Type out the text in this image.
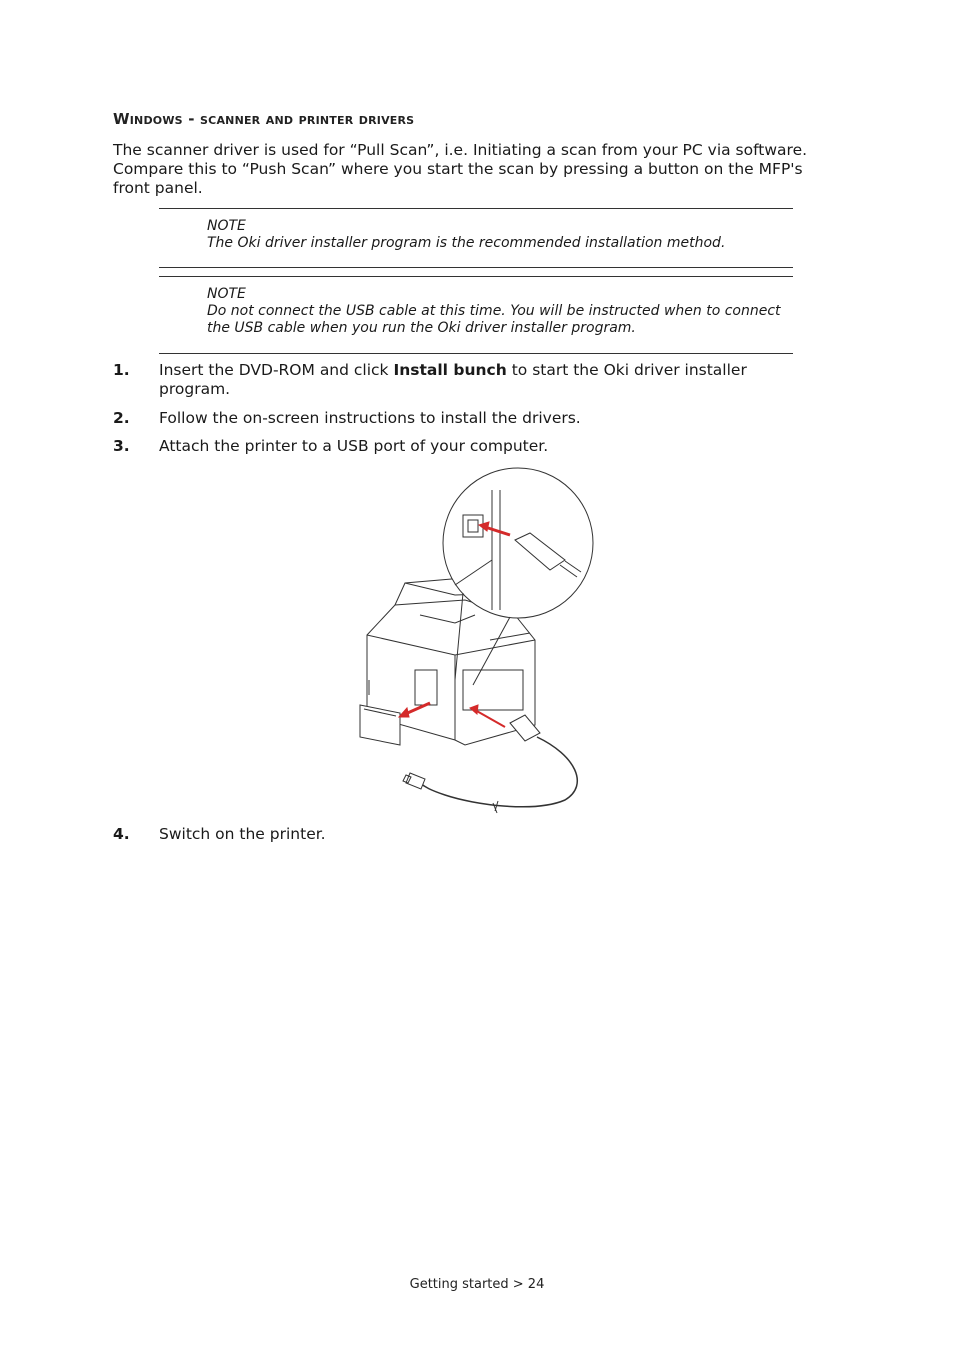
Windows - scanner and printer drivers
The scanner driver is used for “Pull Scan”, i.e. Initiating a scan from your PC via software. Compare this to “Push Scan” where you start the scan by pressing a button on the MFP's front panel.
NOTE
The Oki driver installer program is the recommended installation method.
NOTE
Do not connect the USB cable at this time. You will be instructed when to connect the USB cable when you run the Oki driver installer program.
1. Insert the DVD-ROM and click Install bunch to start the Oki driver installer program.
2. Follow the on-screen instructions to install the drivers.
3. Attach the printer to a USB port of your computer.
4. Switch on the printer.
Getting started > 24
